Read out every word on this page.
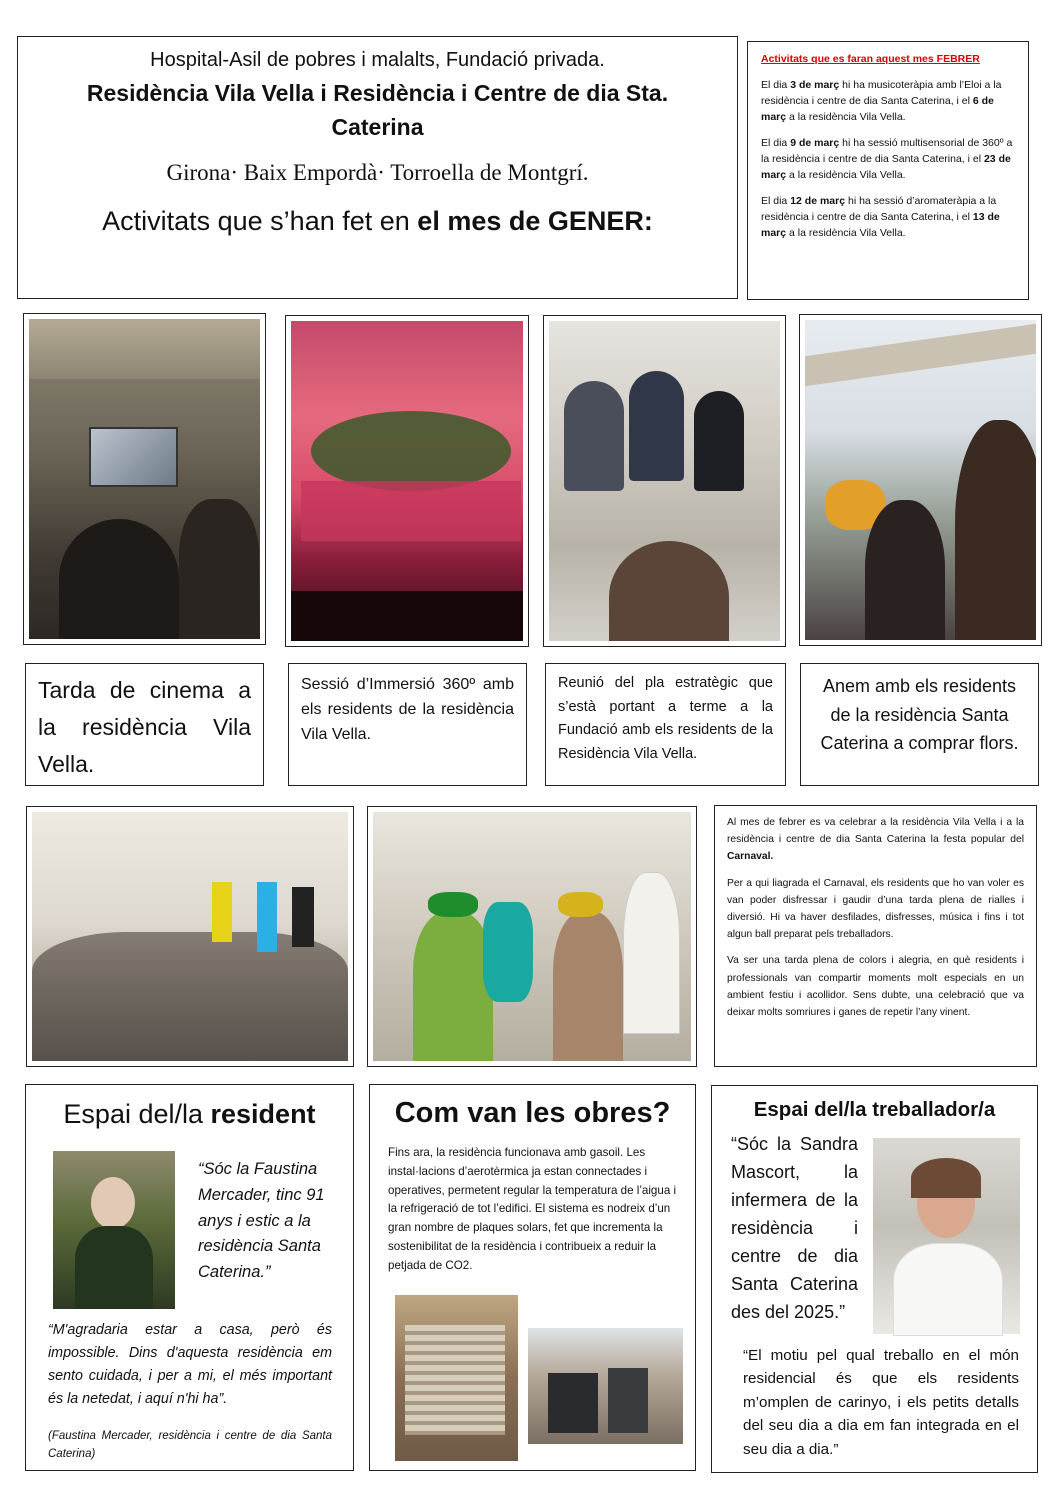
Hospital-Asil de pobres i malalts, Fundació privada.
Residència Vila Vella i Residència i Centre de dia Sta. Caterina
Girona· Baix Empordà· Torroella de Montgrí.
Activitats que s’han fet en el mes de GENER:

Activitats que es faran aquest mes FEBRER

El dia 3 de març hi ha musicoteràpia amb l’Eloi a la residència i centre de dia Santa Caterina, i el 6 de març a la residència Vila Vella.

El dia 9 de març hi ha sessió multisensorial de 360º a la residència i centre de dia Santa Caterina, i el 23 de març a la residència Vila Vella.

El dia 12 de març hi ha sessió d’aromateràpia a la residència i centre de dia Santa Caterina, i el 13 de març a la residència Vila Vella.

Tarda de cinema a la residència Vila Vella.
Sessió d’Immersió 360º amb els residents de la residència Vila Vella.
Reunió del pla estratègic que s’està portant a terme a la Fundació amb els residents de la Residència Vila Vella.
Anem amb els residents de la residència Santa Caterina a comprar flors.

Al mes de febrer es va celebrar a la residència Vila Vella i a la residència i centre de dia Santa Caterina la festa popular del Carnaval.

Per a qui liagrada el Carnaval, els residents que ho van voler es van poder disfressar i gaudir d’una tarda plena de rialles i diversió. Hi va haver desfilades, disfresses, música i fins i tot algun ball preparat pels treballadors.

Va ser una tarda plena de colors i alegria, en què residents i professionals van compartir moments molt especials en un ambient festiu i acollidor. Sens dubte, una celebració que va deixar molts somriures i ganes de repetir l’any vinent.

Espai del/la resident
“Sóc la Faustina Mercader, tinc 91 anys i estic a la residència Santa Caterina.”
“M'agradaria estar a casa, però és impossible. Dins d'aquesta residència em sento cuidada, i per a mi, el més important és la netedat, i aquí n'hi ha”.
(Faustina Mercader, residència i centre de dia Santa Caterina)
Com van les obres?
Fins ara, la residència funcionava amb gasoil. Les instal·lacions d’aerotèrmica ja estan connectades i operatives, permetent regular la temperatura de l’aigua i la refrigeració de tot l’edifici. El sistema es nodreix d’un gran nombre de plaques solars, fet que incrementa la sostenibilitat de la residència i contribueix a reduir la petjada de CO2.
Espai del/la treballador/a
“Sóc la Sandra Mascort, la infermera de la residència i centre de dia Santa Caterina des del 2025.”
“El motiu pel qual treballo en el món residencial és que els residents m’omplen de carinyo, i els petits detalls del seu dia a dia em fan integrada en el seu dia a dia.”
